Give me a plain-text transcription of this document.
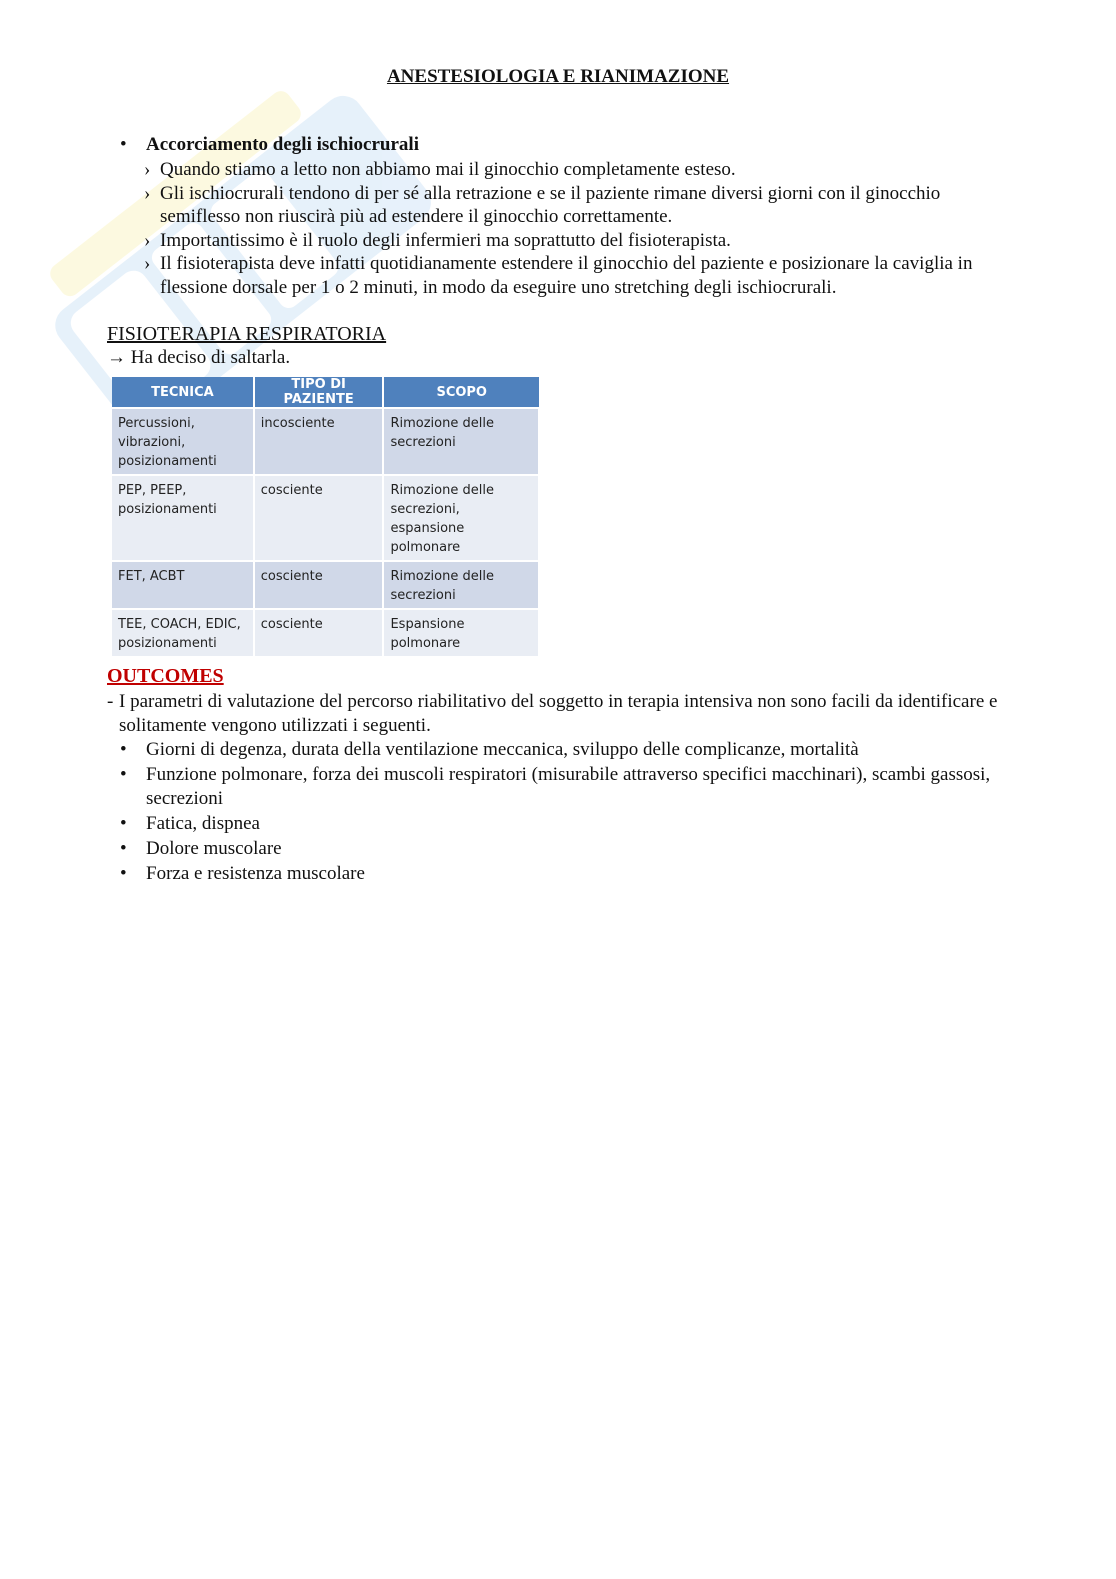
ANESTESIOLOGIA E RIANIMAZIONE
• Accorciamento degli ischiocrurali
› Quando stiamo a letto non abbiamo mai il ginocchio completamente esteso.
› Gli ischiocrurali tendono di per sé alla retrazione e se il paziente rimane diversi giorni con il ginocchio semiflesso non riuscirà più ad estendere il ginocchio correttamente.
› Importantissimo è il ruolo degli infermieri ma soprattutto del fisioterapista.
› Il fisioterapista deve infatti quotidianamente estendere il ginocchio del paziente e posizionare la caviglia in flessione dorsale per 1 o 2 minuti, in modo da eseguire uno stretching degli ischiocrurali.
FISIOTERAPIA RESPIRATORIA
→ Ha deciso di saltarla.
TECNICA	TIPO DI PAZIENTE	SCOPO
Percussioni, vibrazioni, posizionamenti	incosciente	Rimozione delle secrezioni
PEP, PEEP, posizionamenti	cosciente	Rimozione delle secrezioni, espansione polmonare
FET, ACBT	cosciente	Rimozione delle secrezioni
TEE, COACH, EDIC, posizionamenti	cosciente	Espansione polmonare
OUTCOMES
- I parametri di valutazione del percorso riabilitativo del soggetto in terapia intensiva non sono facili da identificare e solitamente vengono utilizzati i seguenti.
• Giorni di degenza, durata della ventilazione meccanica, sviluppo delle complicanze, mortalità
• Funzione polmonare, forza dei muscoli respiratori (misurabile attraverso specifici macchinari), scambi gassosi, secrezioni
• Fatica, dispnea
• Dolore muscolare
• Forza e resistenza muscolare
